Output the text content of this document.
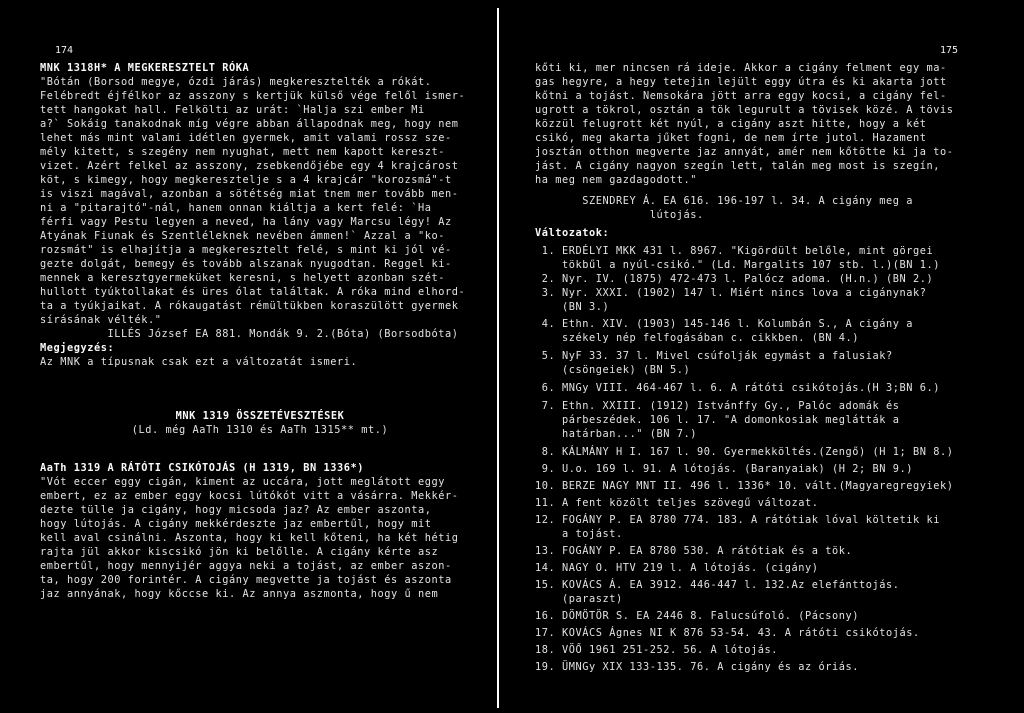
174
MNK 1318H* A MEGKERESZTELT RÓKA
"Bótán (Borsod megye, ózdi járás) megkeresztelték a rókát.
Felébredt éjfélkor az asszony s kertjük külső vége felől ismer-
tett hangokat hall. Felkölti az urát: `Halja szi ember Mi
a?` Sokáig tanakodnak míg végre abban állapodnak meg, hogy nem
lehet más mint valami idétlen gyermek, amit valami rossz sze-
mély kitett, s szegény nem nyughat, mett nem kapott kereszt-
vizet. Azért felkel az asszony, zsebkendőjébe egy 4 krajcárost
köt, s kimegy, hogy megkeresztelje s a 4 krajcár "korozsmá"-t
is viszi magával, azonban a sötétség miat tnem mer tovább men-
ni a "pitarajtó"-nál, hanem onnan kiáltja a kert felé: `Ha
férfi vagy Pestu legyen a neved, ha lány vagy Marcsu légy! Az
Atyának Fiunak és Szentléleknek nevében ámmen!` Azzal a "ko-
rozsmát" is elhajítja a megkeresztelt felé, s mint ki jól vé-
gezte dolgát, bemegy és tovább alszanak nyugodtan. Reggel ki-
mennek a keresztgyermeküket keresni, s helyett azonban szét-
hullott tyúktollakat és üres ólat találtak. A róka mind elhord-
ta a tyúkjaikat. A rókaugatást rémültükben koraszülött gyermek
sírásának vélték."
ILLÉS József EA 881. Mondák 9. 2.(Bóta) (Borsodbóta)
Megjegyzés:
Az MNK a típusnak csak ezt a változatát ismeri.
MNK 1319 ÖSSZETÉVESZTÉSEK
(Ld. még AaTh 1310 és AaTh 1315** mt.)
AaTh 1319 A RÁTÓTI CSIKÓTOJÁS (H 1319, BN 1336*)
"Vót eccer eggy cigán, kiment az uccára, jott meglátott eggy
embert, ez az ember eggy kocsi lútókót vitt a vásárra. Mekkér-
dezte tülle ja cigány, hogy micsoda jaz? Az ember aszonta,
hogy lútojás. A cigány mekkérdeszte jaz embertűl, hogy mit
kell aval csinálni. Aszonta, hogy ki kell kőteni, ha két hétig
rajta jül akkor kiscsikó jön ki belőlle. A cigány kérte asz
embertűl, hogy mennyijér aggya neki a tojást, az ember aszon-
ta, hogy 200 forintér. A cigány megvette ja tojást és aszonta
jaz annyának, hogy kőccse ki. Az annya aszmonta, hogy ű nem
175
kőti ki, mer nincsen rá ideje. Akkor a cigány felment egy ma-
gas hegyre, a hegy tetejin lejült eggy útra és ki akarta jott
kőtni a tojást. Nemsokára jött arra eggy kocsi, a cigány fel-
ugrott a tökrol, osztán a tök legurult a tövisek közé. A tövis
közzül felugrott két nyúl, a cigány aszt hitte, hogy a két
csikó, meg akarta jűket fogni, de nem írte jutol. Hazament
josztán otthon megverte jaz annyát, amér nem kőtötte ki ja to-
jást. A cigány nagyon szegín lett, talán meg most is szegín,
ha meg nem gazdagodott."
SZENDREY Á. EA 616. 196-197 l. 34. A cigány meg a
lútojás.
Változatok:
1. ERDÉLYI MKK 431 l. 8967. "Kigördült belőle, mint görgei
tökbűl a nyúl-csikó." (Ld. Margalits 107 stb. l.)(BN 1.)
2. Nyr. IV. (1875) 472-473 l. Palócz adoma. (H.n.) (BN 2.)
3. Nyr. XXXI. (1902) 147 l. Miért nincs lova a cigánynak?
(BN 3.)
4. Ethn. XIV. (1903) 145-146 l. Kolumbán S., A cigány a
székely nép felfogásában c. cikkben. (BN 4.)
5. NyF 33. 37 l. Mivel csúfolják egymást a falusiak?
(csöngeiek) (BN 5.)
6. MNGy VIII. 464-467 l. 6. A rátóti csikótojás.(H 3;BN 6.)
7. Ethn. XXIII. (1912) Istvánffy Gy., Palóc adomák és
párbeszédek. 106 l. 17. "A domonkosiak meglátták a
határban..." (BN 7.)
8. KÁLMÁNY H I. 167 l. 90. Gyermekköltés.(Zengő) (H 1; BN 8.)
9. U.o. 169 l. 91. A lótojás. (Baranyaiak) (H 2; BN 9.)
10. BERZE NAGY MNT II. 496 l. 1336* 10. vált.(Magyaregregyiek)
11. A fent közölt teljes szövegű változat.
12. FOGÁNY P. EA 8780 774. 183. A rátótiak lóval költetik ki
a tojást.
13. FOGÁNY P. EA 8780 530. A rátótiak és a tök.
14. NAGY O. HTV 219 l. A lótojás. (cigány)
15. KOVÁCS Á. EA 3912. 446-447 l. 132.Az elefánttojás.
(paraszt)
16. DÖMÖTÖR S. EA 2446 8. Falucsúfoló. (Pácsony)
17. KOVÁCS Ágnes NI K 876 53-54. 43. A rátóti csikótojás.
18. VÖŐ 1961 251-252. 56. A lótojás.
19. ÜMNGy XIX 133-135. 76. A cigány és az óriás.
